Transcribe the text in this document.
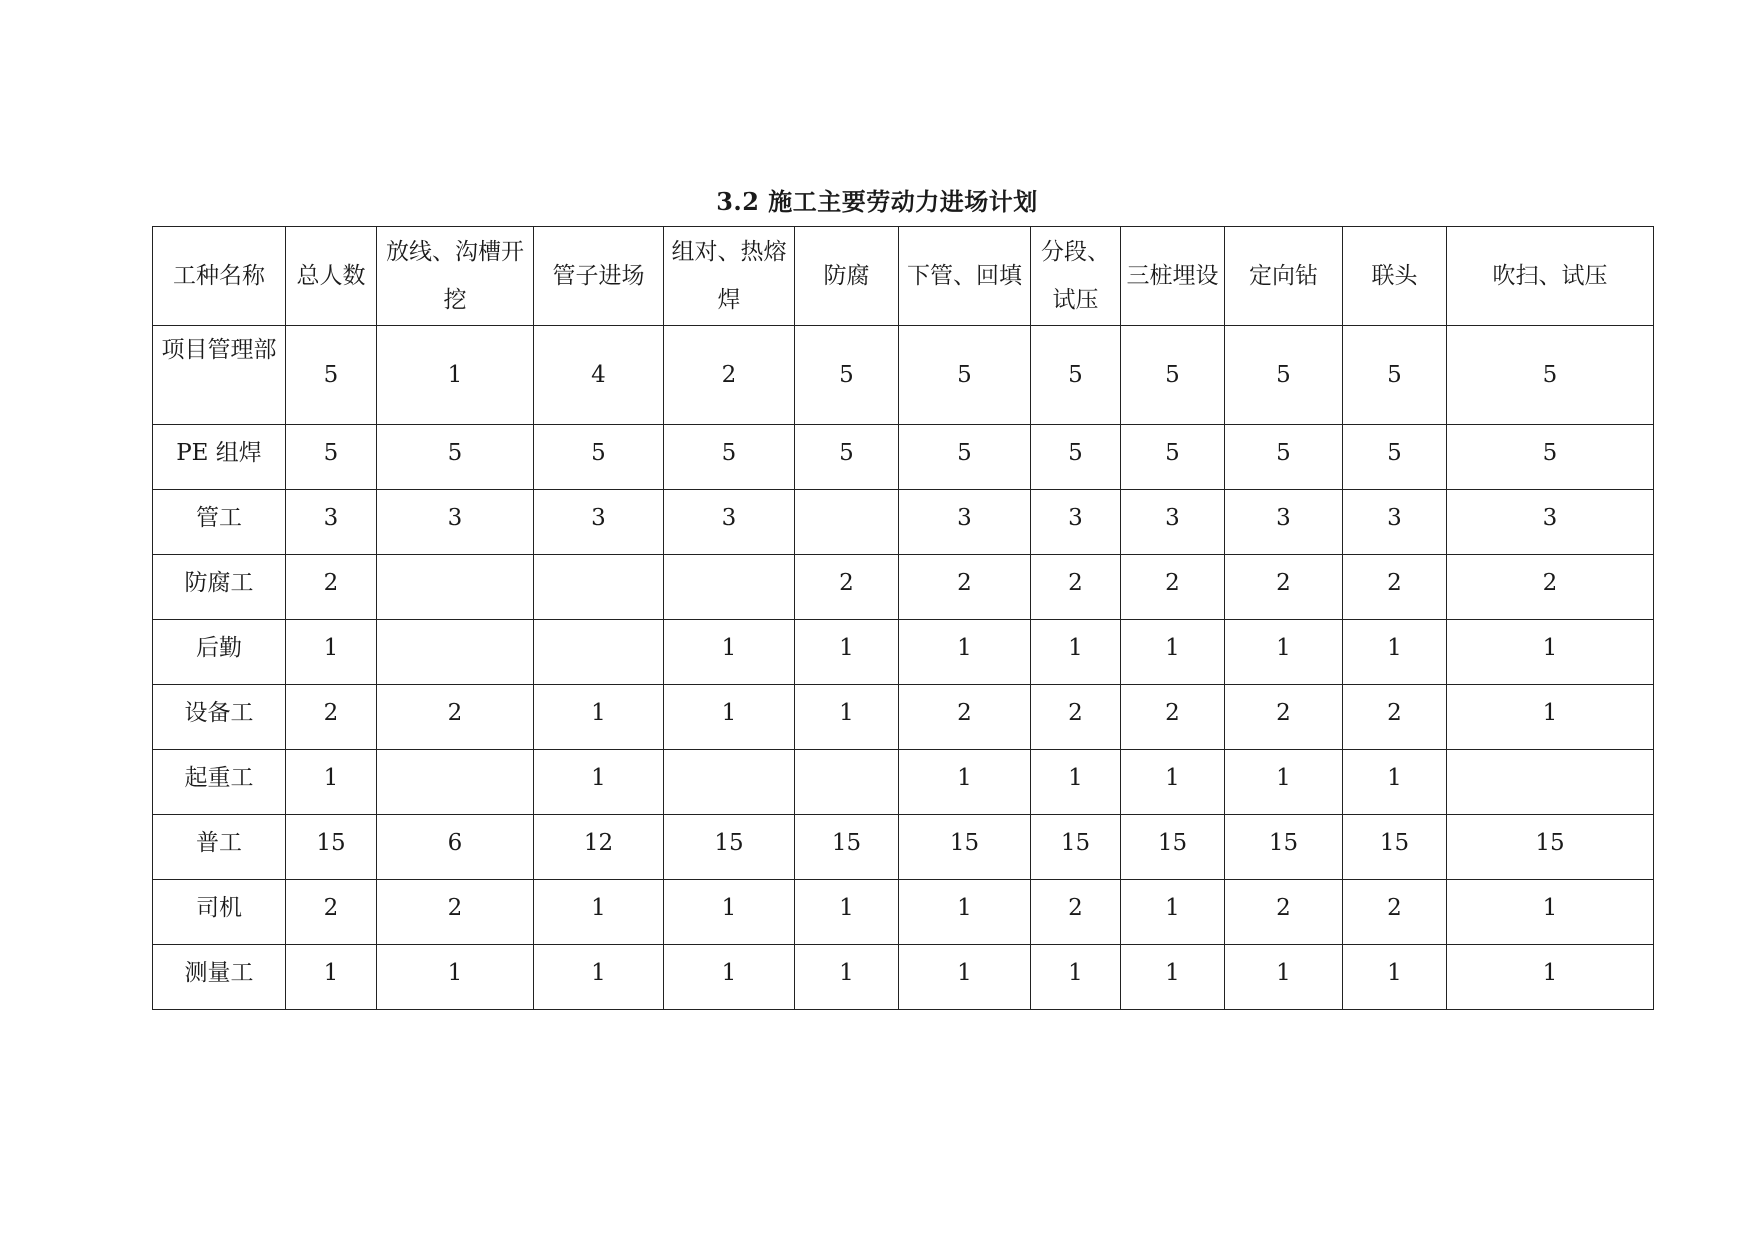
3.2 施工主要劳动力进场计划
工种名称	总人数	放线、沟槽开挖	管子进场	组对、热熔焊	防腐	下管、回填	分段、试压	三桩埋设	定向钻	联头	吹扫、试压
项目管理部	5	1	4	2	5	5	5	5	5	5	5
PE 组焊	5	5	5	5	5	5	5	5	5	5	5
管工	3	3	3	3		3	3	3	3	3	3
防腐工	2				2	2	2	2	2	2	2
后勤	1			1	1	1	1	1	1	1	1
设备工	2	2	1	1	1	2	2	2	2	2	1
起重工	1		1			1	1	1	1	1	
普工	15	6	12	15	15	15	15	15	15	15	15
司机	2	2	1	1	1	1	2	1	2	2	1
测量工	1	1	1	1	1	1	1	1	1	1	1
